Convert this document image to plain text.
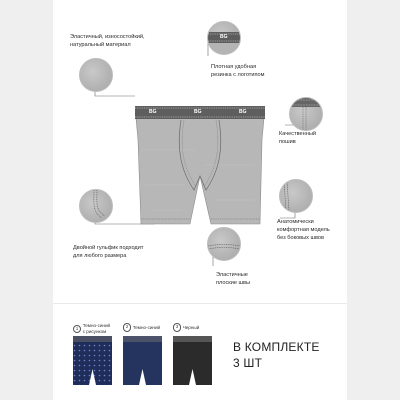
BG
BG	BG	BG
Эластичный, износостойкий,
натуральный материал
Плотная удобная
резинка с логотипом
Качественный
пошив
Двойной гульфик подходит
для любого размера
Анатомически
комфортная модель
без боковых швов
Эластичные
плоские швы

1 Темно-синий
с рисунком

2 Темно-синий	3 Черный

В КОМПЛЕКТЕ
3 ШТ
